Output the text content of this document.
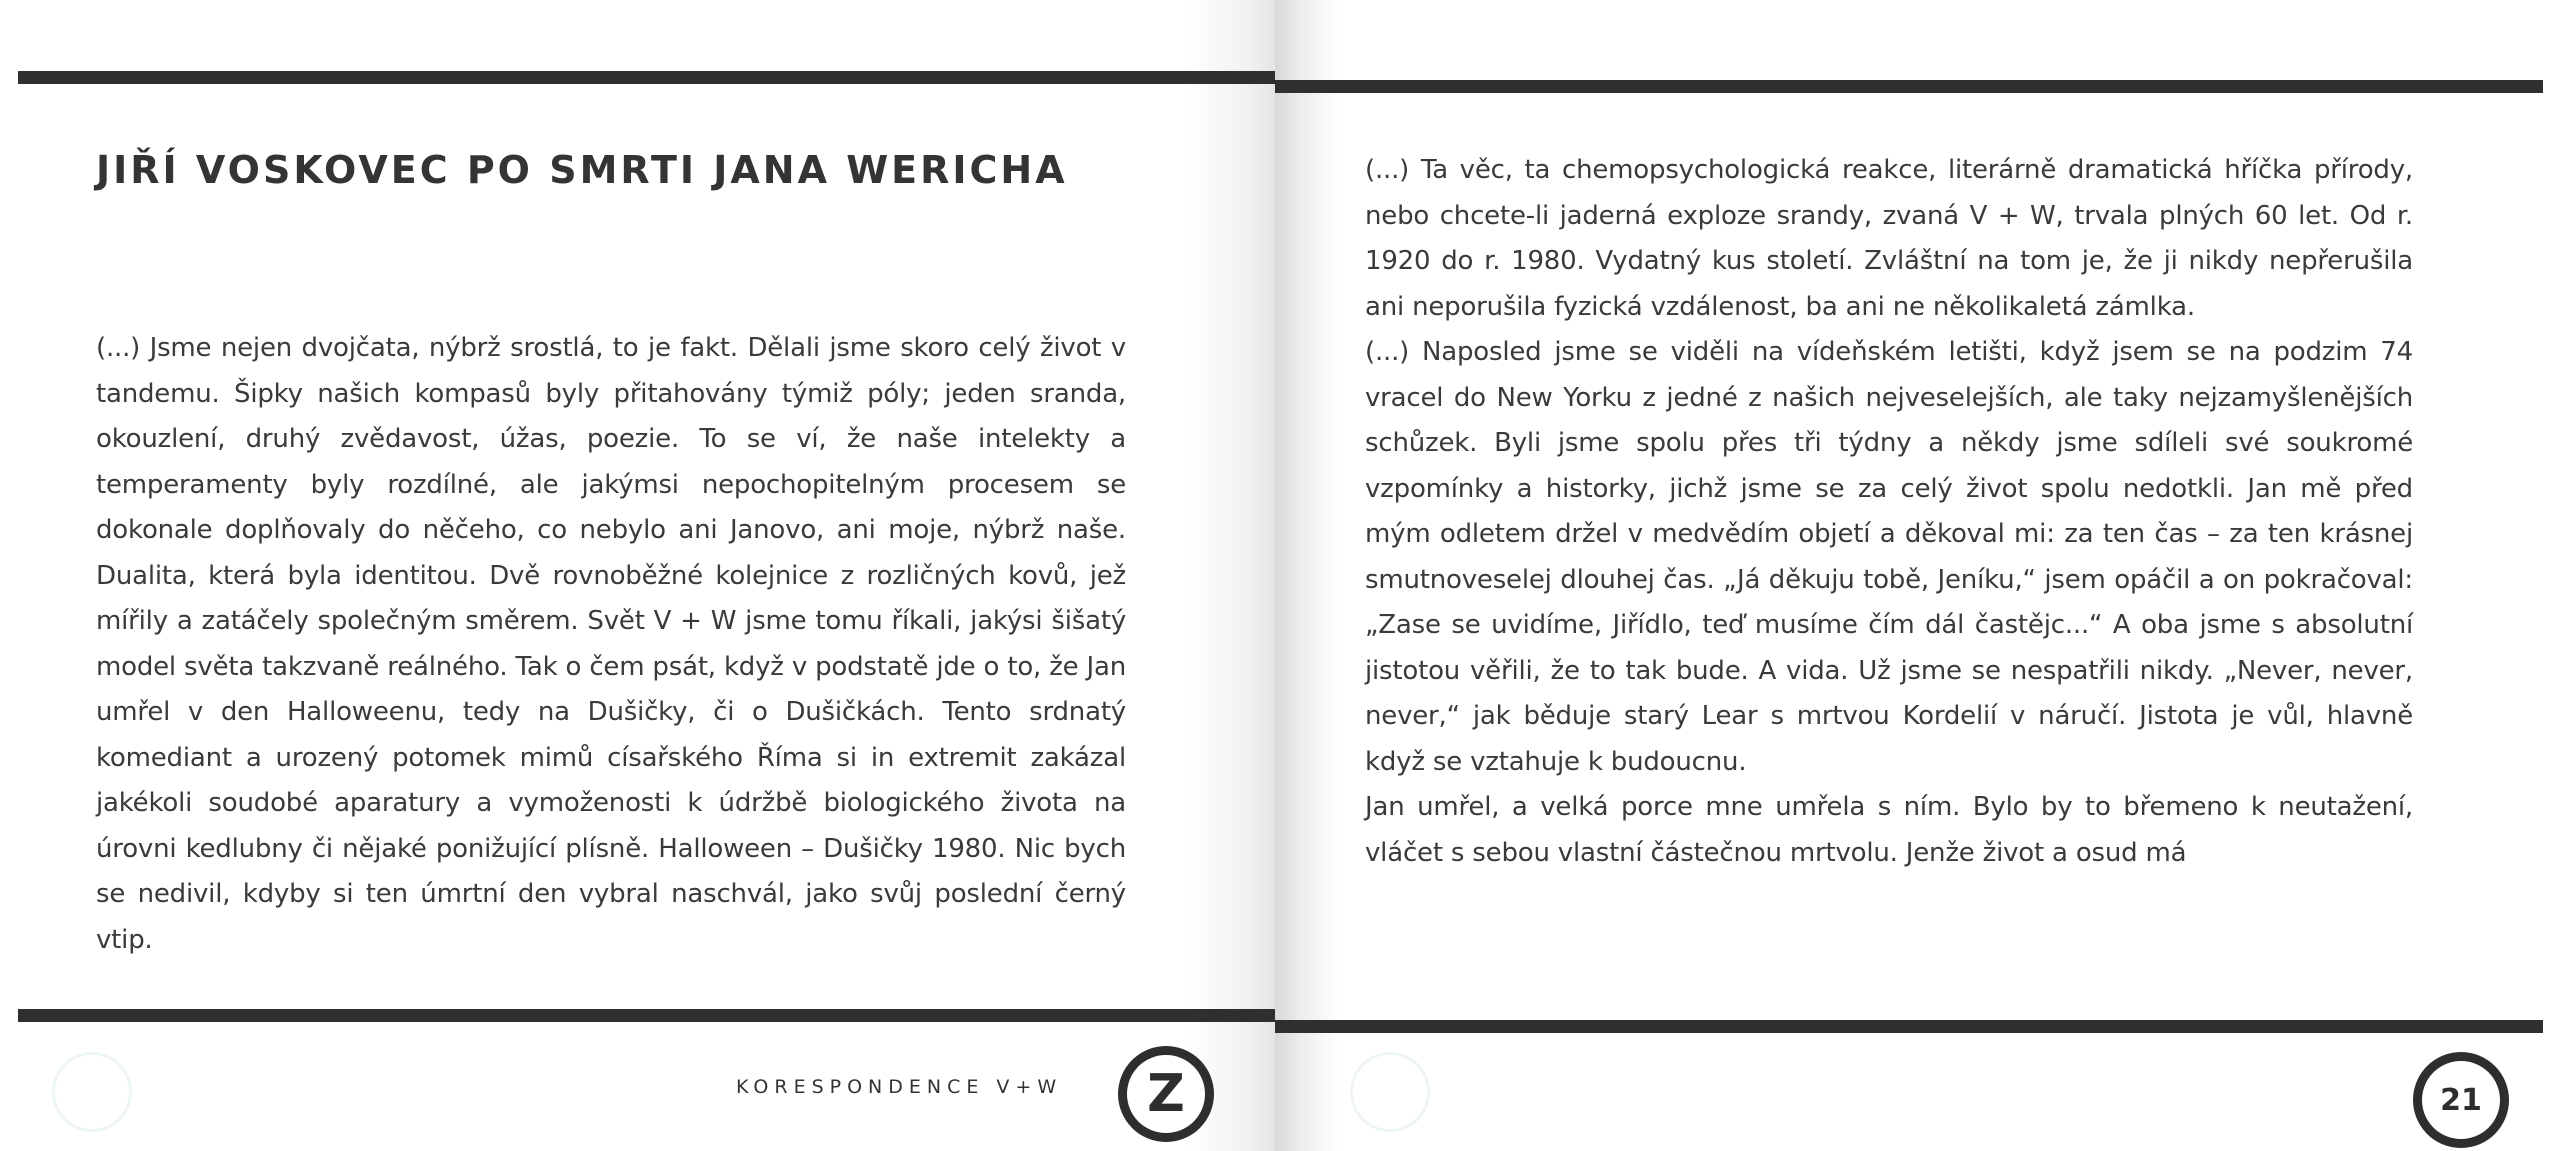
JIŘÍ VOSKOVEC PO SMRTI JANA WERICHA

(...) Jsme nejen dvojčata, nýbrž srostlá, to je fakt. Dělali jsme skoro celý život v tandemu. Šipky našich kompasů byly přitahovány týmiž póly; jeden sranda, okouzlení, druhý zvědavost, úžas, poezie. To se ví, že naše intelekty a temperamenty byly rozdílné, ale jakýmsi nepochopitelným procesem se dokonale doplňovaly do něčeho, co nebylo ani Janovo, ani moje, nýbrž naše. Dualita, která byla identitou. Dvě rovnoběžné kolejnice z rozličných kovů, jež mířily a zatáčely společným směrem. Svět V + W jsme tomu říkali, jakýsi šišatý model světa takzvaně reálného. Tak o čem psát, když v podstatě jde o to, že Jan umřel v den Halloweenu, tedy na Dušičky, či o Dušičkách. Tento srdnatý komediant a urozený potomek mimů císařského Říma si in extremit zakázal jakékoli soudobé aparatury a vymoženosti k údržbě biologického života na úrovni kedlubny či nějaké ponižující plísně. Halloween – Dušičky 1980. Nic bych se nedivil, kdyby si ten úmrtní den vybral naschvál, jako svůj poslední černý vtip.

KORESPONDENCE V+W	Z

(...) Ta věc, ta chemopsychologická reakce, literárně dramatická hříčka přírody, nebo chcete-li jaderná exploze srandy, zvaná V + W, trvala plných 60 let. Od r. 1920 do r. 1980. Vydatný kus století. Zvláštní na tom je, že ji nikdy nepřerušila ani neporušila fyzická vzdálenost, ba ani ne několikaletá zámlka.

(...) Naposled jsme se viděli na vídeňském letišti, když jsem se na podzim 74 vracel do New Yorku z jedné z našich nejveselejších, ale taky nejzamyšlenějších schůzek. Byli jsme spolu přes tři týdny a někdy jsme sdíleli své soukromé vzpomínky a historky, jichž jsme se za celý život spolu nedotkli. Jan mě před mým odletem držel v medvědím objetí a děkoval mi: za ten čas – za ten krásnej smutnoveselej dlouhej čas. „Já děkuju tobě, Jeníku,“ jsem opáčil a on pokračoval: „Zase se uvidíme, Jiřídlo, teď musíme čím dál častějc...“ A oba jsme s absolutní jistotou věřili, že to tak bude. A vida. Už jsme se nespatřili nikdy. „Never, never, never,“ jak běduje starý Lear s mrtvou Kordelií v náručí. Jistota je vůl, hlavně když se vztahuje k budoucnu.

Jan umřel, a velká porce mne umřela s ním. Bylo by to břemeno k neutažení, vláčet s sebou vlastní částečnou mrtvolu. Jenže život a osud má

21
